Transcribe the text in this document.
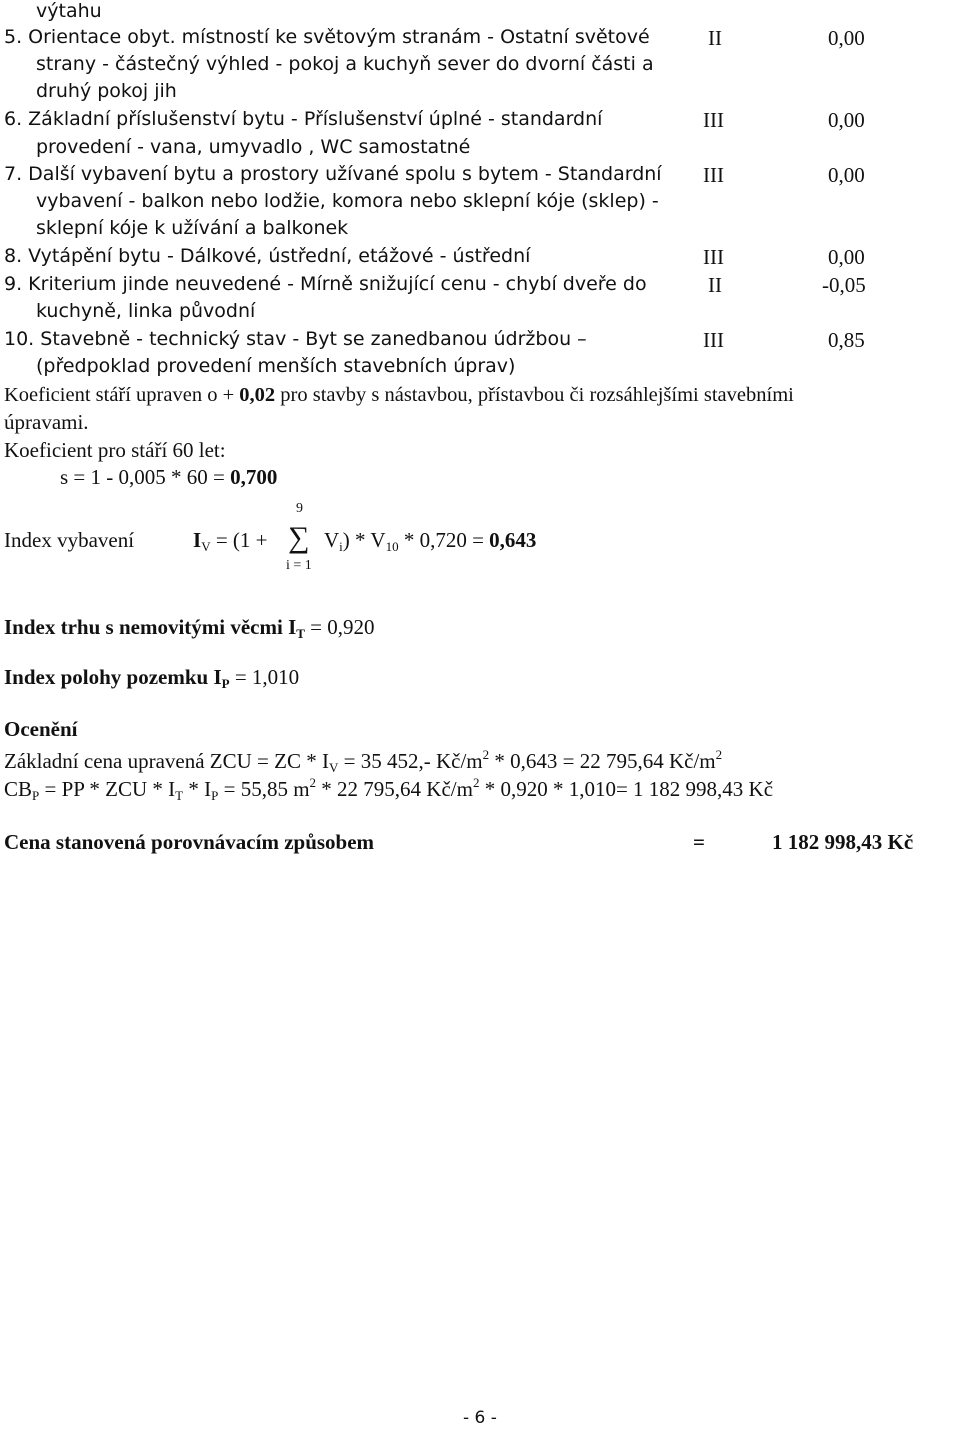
výtahu
5. Orientace obyt. místností ke světovým stranám - Ostatní světové
strany - částečný výhled - pokoj a kuchyň sever do dvorní části a
druhý pokoj jih
II	0,00
6. Základní příslušenství bytu - Příslušenství úplné - standardní
provedení - vana, umyvadlo , WC samostatné
III	0,00
7. Další vybavení bytu a prostory užívané spolu s bytem - Standardní
vybavení - balkon nebo lodžie, komora nebo sklepní kóje (sklep) -
sklepní kóje k užívání a balkonek
III	0,00
8. Vytápění bytu - Dálkové, ústřední, etážové - ústřední	III	0,00
9. Kriterium jinde neuvedené - Mírně snižující cenu - chybí dveře do
kuchyně, linka původní
II	-0,05
10. Stavebně - technický stav - Byt se zanedbanou údržbou –
(předpoklad provedení menších stavebních úprav)
III	0,85
Koeficient stáří upraven o + 0,02 pro stavby s nástavbou, přístavbou či rozsáhlejšími stavebními
úpravami.
Koeficient pro stáří 60 let:
s = 1 - 0,005 * 60 = 0,700
9
Index vybavení	$I_V = (1$ + ∑ $V_i) * V_{10} * 0,720 = 0,643$
i = 1
Index trhu s nemovitými věcmi $I_T = 0,920$
Index polohy pozemku $I_P = 1,010$
Ocenění
Základní cena upravená ZCU = ZC * $I_V = 35$ 452,- $Kč/m^2 * 0,643 = 22$ 795,64 $Kč/m^2$
$CB_P$ = PP * ZCU * $I_T * I_P = 55,85$ $m^2 * 22$ 795,64 $Kč/m^2 * 0,920 * 1,010= 1$ 182 998,43 Kč
Cena stanovená porovnávacím způsobem	=	1 182 998,43 Kč
- 6 -
